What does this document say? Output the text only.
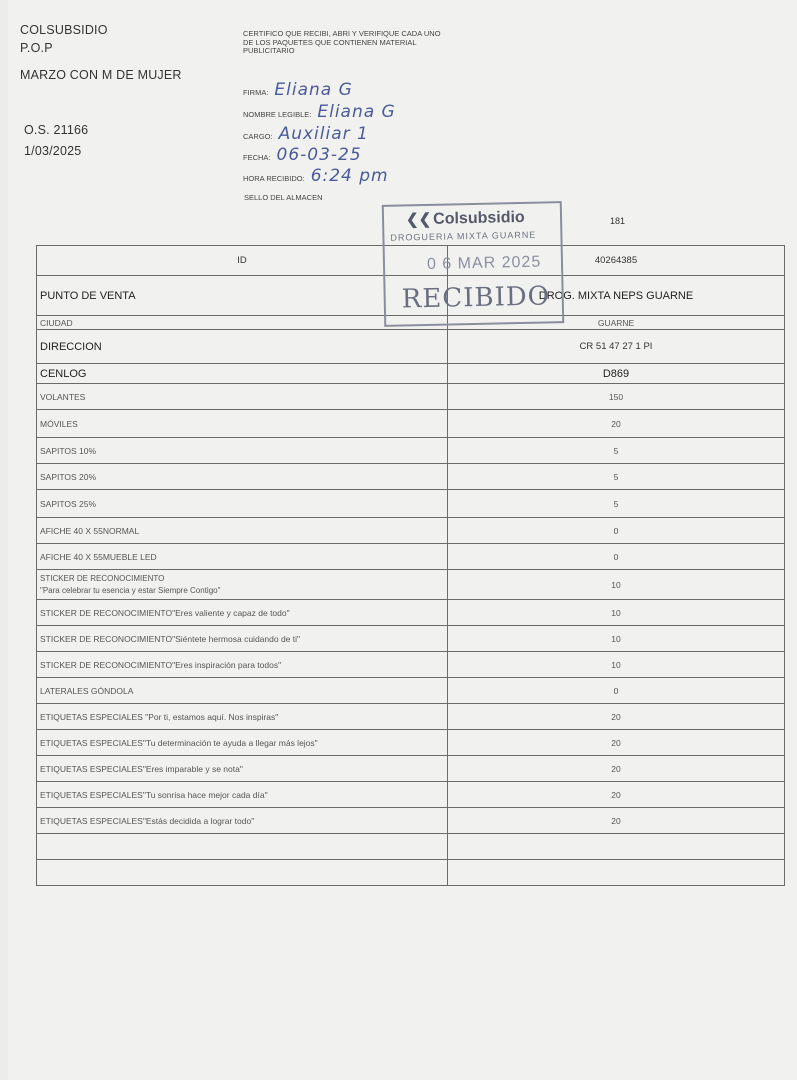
COLSUBSIDIO
P.O.P
MARZO CON M DE MUJER
O.S. 21166
1/03/2025
CERTIFICO QUE RECIBI, ABRI Y VERIFIQUE CADA UNO DE LOS PAQUETES QUE CONTIENEN MATERIAL PUBLICITARIO
FIRMA: Eliana G
NOMBRE LEGIBLE: Eliana G
CARGO: Auxiliar 1
FECHA: 06-03-25
HORA RECIBIDO: 6:24 pm
SELLO DEL ALMACEN
181
ID	40264385
PUNTO DE VENTA	DROG. MIXTA NEPS GUARNE
CIUDAD	GUARNE
DIRECCION	CR 51 47 27 1 PI
CENLOG	D869
VOLANTES	150
MÓVILES	20
SAPITOS 10%	5
SAPITOS 20%	5
SAPITOS 25%	5
AFICHE 40 X 55NORMAL	0
AFICHE 40 X 55MUEBLE LED	0

STICKER DE RECONOCIMIENTO
"Para celebrar tu esencia y estar Siempre Contigo"	10
STICKER DE RECONOCIMIENTO"Eres valiente y capaz de todo"	10
STICKER DE RECONOCIMIENTO"Siéntete hermosa cuidando de ti"	10
STICKER DE RECONOCIMIENTO"Eres inspiración para todos"	10
LATERALES GÓNDOLA	0
ETIQUETAS ESPECIALES "Por ti, estamos aquí. Nos inspiras"	20
ETIQUETAS ESPECIALES"Tu determinación te ayuda a llegar más lejos"	20
ETIQUETAS ESPECIALES"Eres imparable y se nota"	20
ETIQUETAS ESPECIALES"Tu sonrisa hace mejor cada día"	20
ETIQUETAS ESPECIALES"Estás decidida a lograr todo"	20

❮❮ Colsubsidio
DROGUERIA MIXTA GUARNE
0 6 MAR 2025
RECIBIDO
